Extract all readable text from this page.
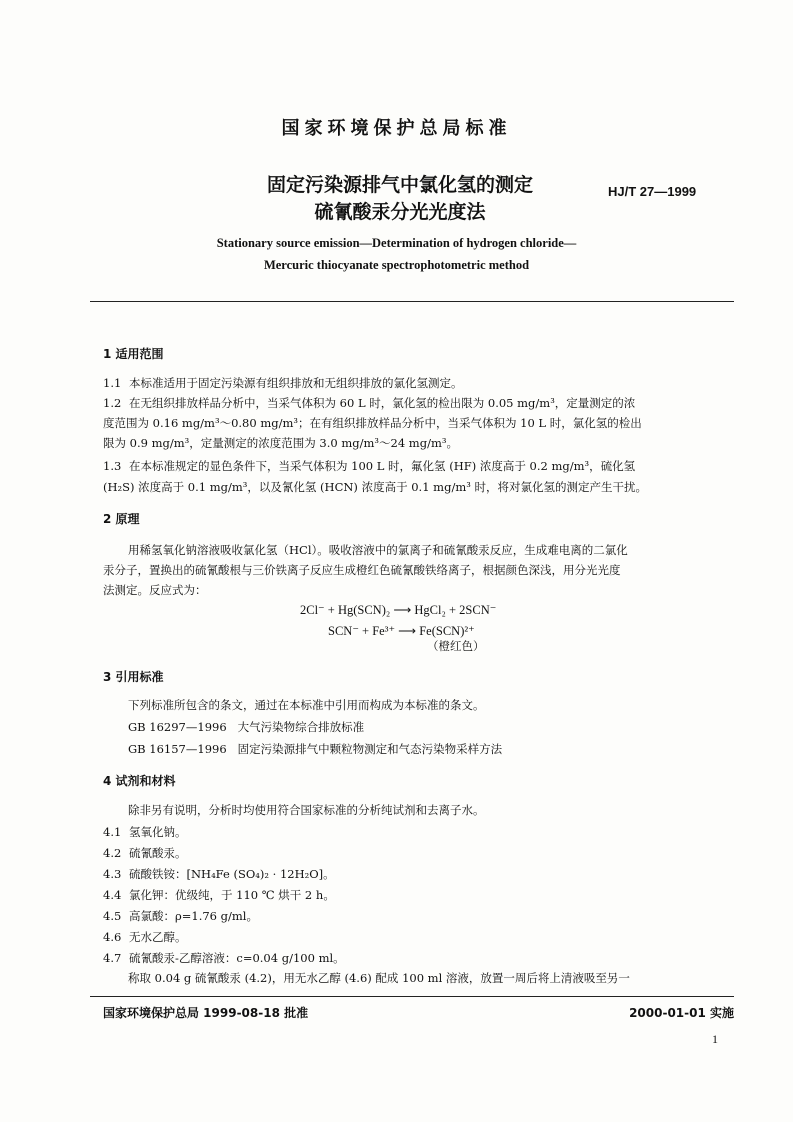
国家环境保护总局标准
固定污染源排气中氯化氢的测定
硫氰酸汞分光光度法
HJ/T 27—1999
Stationary source emission—Determination of hydrogen chloride—
Mercuric thiocyanate spectrophotometric method
1 适用范围
1.1 本标准适用于固定污染源有组织排放和无组织排放的氯化氢测定。
1.2 在无组织排放样品分析中，当采气体积为 60 L 时，氯化氢的检出限为 0.05 mg/m³，定量测定的浓
度范围为 0.16 mg/m³～0.80 mg/m³；在有组织排放样品分析中，当采气体积为 10 L 时，氯化氢的检出
限为 0.9 mg/m³，定量测定的浓度范围为 3.0 mg/m³～24 mg/m³。
1.3 在本标准规定的显色条件下，当采气体积为 100 L 时，氟化氢 (HF) 浓度高于 0.2 mg/m³，硫化氢
(H₂S) 浓度高于 0.1 mg/m³，以及氰化氢 (HCN) 浓度高于 0.1 mg/m³ 时，将对氯化氢的测定产生干扰。
2 原理
用稀氢氧化钠溶液吸收氯化氢（HCl）。吸收溶液中的氯离子和硫氰酸汞反应，生成难电离的二氯化
汞分子，置换出的硫氰酸根与三价铁离子反应生成橙红色硫氰酸铁络离子，根据颜色深浅，用分光光度
法测定。反应式为：
2Cl⁻ + Hg(SCN)₂ ⟶ HgCl₂ + 2SCN⁻
SCN⁻ + Fe³⁺ ⟶ Fe(SCN)²⁺
（橙红色）
3 引用标准
下列标准所包含的条文，通过在本标准中引用而构成为本标准的条文。
GB 16297—1996   大气污染物综合排放标准
GB 16157—1996   固定污染源排气中颗粒物测定和气态污染物采样方法
4 试剂和材料
除非另有说明，分析时均使用符合国家标准的分析纯试剂和去离子水。
4.1 氢氧化钠。
4.2 硫氰酸汞。
4.3 硫酸铁铵：[NH₄Fe (SO₄)₂ · 12H₂O]。
4.4 氯化钾：优级纯，于 110 ℃ 烘干 2 h。
4.5 高氯酸：ρ=1.76 g/ml。
4.6 无水乙醇。
4.7 硫氰酸汞-乙醇溶液：c=0.04 g/100 ml。
称取 0.04 g 硫氰酸汞 (4.2)，用无水乙醇 (4.6) 配成 100 ml 溶液，放置一周后将上清液吸至另一
国家环境保护总局 1999-08-18 批准	2000-01-01 实施
1
